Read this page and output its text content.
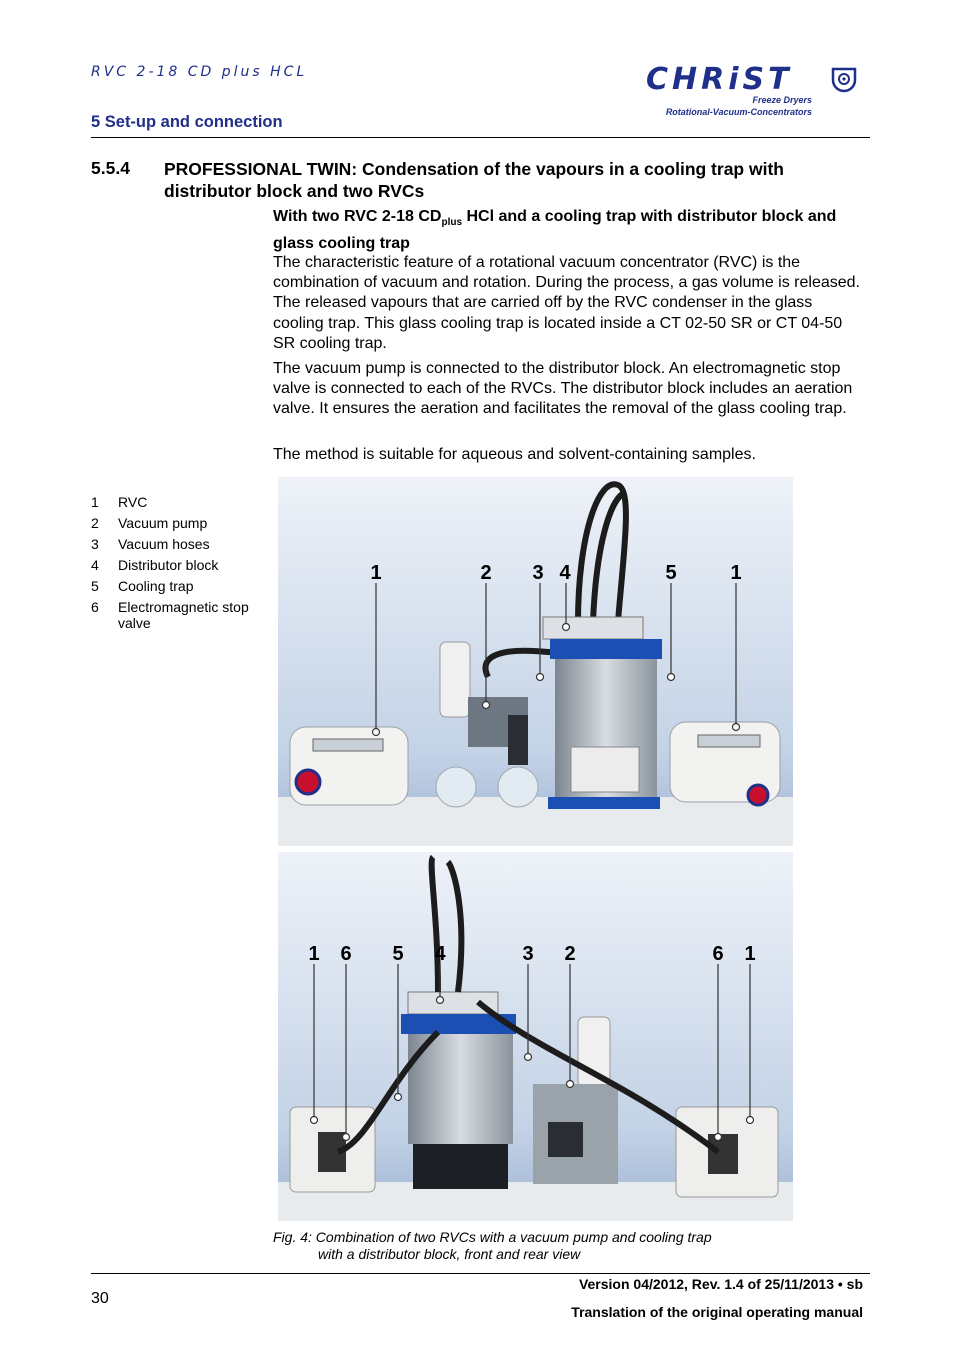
RVC 2-18 CD plus HCL
5 Set-up and connection
CHRiST
Freeze Dryers
Rotational-Vacuum-Concentrators
5.5.4 PROFESSIONAL TWIN: Condensation of the vapours in a cooling trap with distributor block and two RVCs
With two RVC 2-18 $CD_{plus}$ HCl and a cooling trap with distributor block and glass cooling trap

The characteristic feature of a rotational vacuum concentrator (RVC) is the combination of vacuum and rotation. During the process, a gas volume is released. The released vapours that are carried off by the RVC condenser in the glass cooling trap. This glass cooling trap is located inside a CT 02-50 SR or CT 04-50 SR cooling trap.

The vacuum pump is connected to the distributor block. An electromagnetic stop valve is connected to each of the RVCs. The distributor block includes an aeration valve. It ensures the aeration and facilitates the removal of the glass cooling trap.

The method is suitable for aqueous and solvent-containing samples.

1	RVC
2	Vacuum pump
3	Vacuum hoses
4	Distributor block
5	Cooling trap
6	Electromagnetic stop valve
1	2 3 4	5	1
1 6 5 4	3 2	6 1
Fig. 4: Combination of two RVCs with a vacuum pump and cooling trap
with a distributor block, front and rear view
30
Version 04/2012, Rev. 1.4 of 25/11/2013 • sb
Translation of the original operating manual
